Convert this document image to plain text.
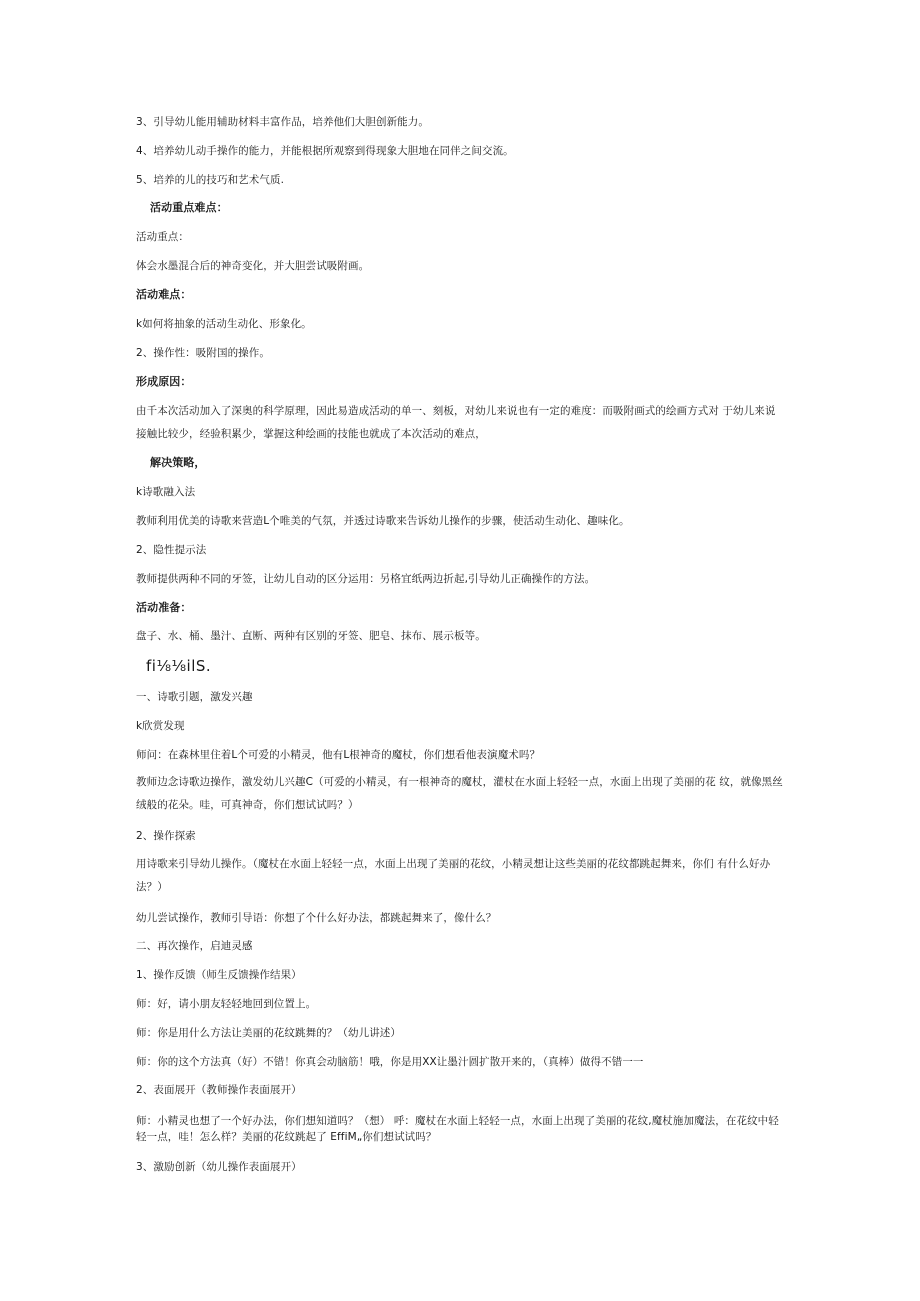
3、引导幼儿能用辅助材料丰富作品，培养他们大胆创新能力。
4、培养幼儿动手操作的能力，并能根据所观察到得现象大胆地在同伴之间交流。
5、培养的儿的技巧和艺术气质.
活动重点难点：
活动重点：
体会水墨混合后的神奇变化，并大胆尝试吸附画。
活动难点：
k如何将抽象的活动生动化、形象化。
2、操作性：吸附国的操作。
形成原因：
由千本次活动加入了深奥的科学原理，因此易造成活动的单一、刻板，对幼儿来说也有一定的难度：而吸附画式的绘画方式对 于幼儿来说接触比较少，经验积累少，掌握这种绘画的技能也就成了本次活动的难点，
解决策略，
k诗歌融入法
教师利用优美的诗歌来营造L个唯美的气氛，并透过诗歌来告诉幼儿操作的步骤，使活动生动化、趣味化。
2、隐性提示法
教师提供两种不同的牙签，让幼儿自动的区分运用：另格宜纸两边折起,引导幼儿正确操作的方法。
活动准备：
盘子、水、桶、墨汁、直断、两种有区别的牙签、肥皂、抹布、展示板等。
fi⅛⅛ilS.
一、诗歌引题，激发兴趣
k欣赏发现
师问：在森林里住着L个可爱的小精灵，他有L根神奇的魔杖，你们想看他表演魔术吗？
教师边念诗歌边操作，激发幼儿兴趣C（可爱的小精灵，有一根神奇的魔杖，灌杖在水面上轻轻一点，水面上出现了美丽的花 纹，就像黑丝绒般的花朵。哇，可真神奇，你们想试试吗？）
2、操作探索
用诗歌来引导幼儿操作。（魔杖在水面上轻轻一点，水面上出现了美丽的花纹，小精灵想让这些美丽的花纹都跳起舞来，你们 有什么好办法？）
幼儿尝试操作，教师引导语：你想了个什么好办法，都跳起舞来了，像什么？
二、再次操作，启迪灵感
1、操作反馈（师生反馈操作结果）
师：好，请小朋友轻轻地回到位置上。
师：你是用什么方法让美丽的花纹跳舞的？（幼儿讲述）
师：你的这个方法真（好）不错！你真会动脑筋！哦，你是用XX让墨汁圆扩散开来的，（真棒）做得不错一一
2、表面展开（教师操作表面展开）
师：小精灵也想了一个好办法，你们想知道吗？（想） 呼：魔杖在水面上轻轻一点，水面上出现了美丽的花纹,魔杖施加魔法，在花纹中轻轻一点，哇！怎么样？美丽的花纹跳起了 EffiM„你们想试试吗？
3、激励创新（幼儿操作表面展开）
